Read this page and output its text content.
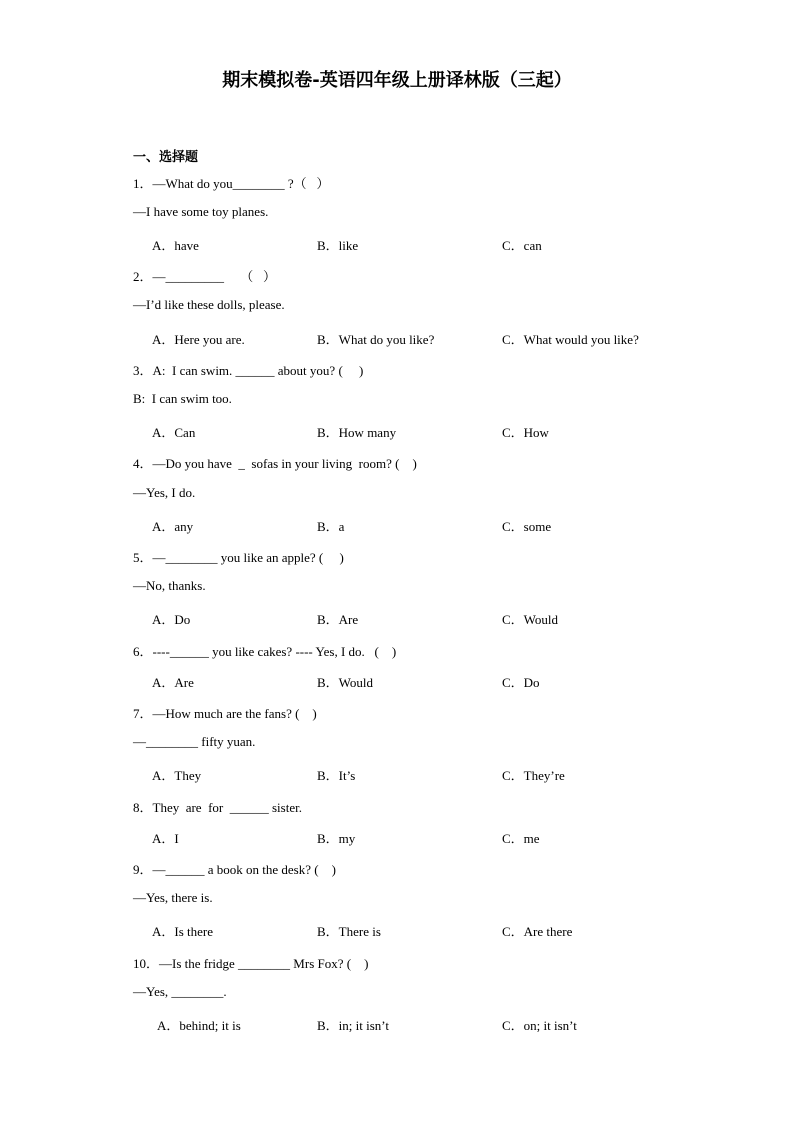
期末模拟卷-英语四年级上册译林版（三起）
一、选择题
1．—What do you________ ?（   ）
—I have some toy planes.
A．have	B．like	C．can
2．—_________     （   ）
—I’d like these dolls, please.
A．Here you are.	B．What do you like?	C．What would you like?
3．A:  I can swim. ______ about you? (     )
B:  I can swim too.
A．Can	B．How many	C．How
4．—Do you have  _  sofas in your living  room? (    )
—Yes, I do.
A．any	B．a	C．some
5．—________ you like an apple? (     )
—No, thanks.
A．Do	B．Are	C．Would
6．----______ you like cakes? ---- Yes, I do.   (    )
A．Are	B．Would	C．Do
7．—How much are the fans? (    )
—________ fifty yuan.
A．They	B．It’s	C．They’re
8．They  are  for  ______ sister.
A．I	B．my	C．me
9．—______ a book on the desk? (    )
—Yes, there is.
A．Is there	B．There is	C．Are there
10．—Is the fridge ________ Mrs Fox? (    )
—Yes, ________.
A．behind; it is	B．in; it isn’t	C．on; it isn’t
